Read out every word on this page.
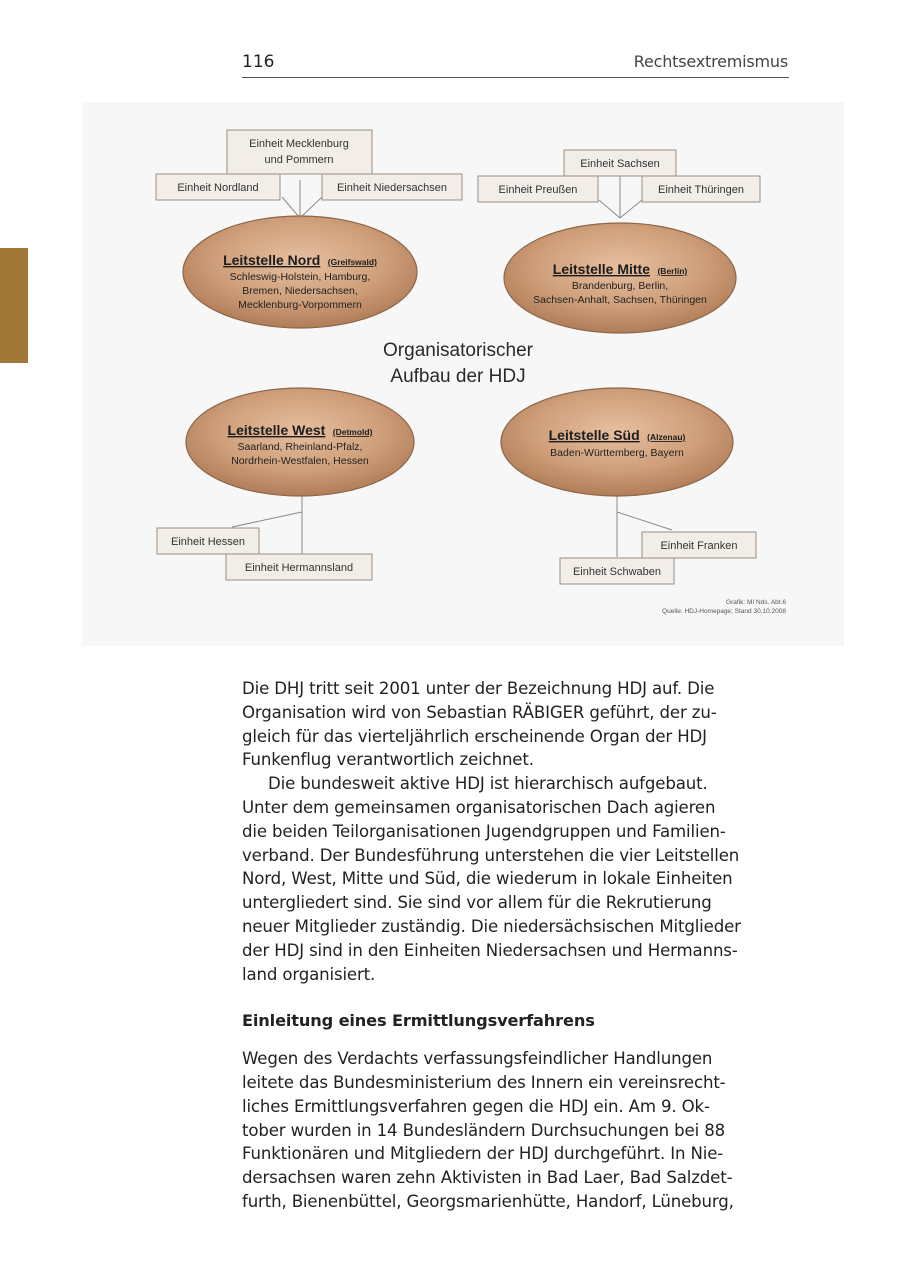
116	Rechtsextremismus
Einheit Mecklenburg
und Pommern
Einheit Nordland	Einheit Niedersachsen
Einheit Sachsen
Einheit Preußen	Einheit Thüringen
Leitstelle Nord (Greifswald)
Schleswig-Holstein, Hamburg,
Bremen, Niedersachsen,
Mecklenburg-Vorpommern
Leitstelle Mitte (Berlin)
Brandenburg, Berlin,
Sachsen-Anhalt, Sachsen, Thüringen
Organisatorischer
Aufbau der HDJ
Leitstelle West (Detmold)
Saarland, Rheinland-Pfalz,
Nordrhein-Westfalen, Hessen
Leitstelle Süd (Alzenau)
Baden-Württemberg, Bayern
Einheit Hessen
Einheit Hermannsland
Einheit Franken
Einheit Schwaben
Grafik: MI Nds. Abt.6
Quelle: HDJ-Homepage; Stand 30.10.2008

Die DHJ tritt seit 2001 unter der Bezeichnung HDJ auf. Die
Organisation wird von Sebastian RÄBIGER geführt, der zu-
gleich für das vierteljährlich erscheinende Organ der HDJ
Funkenflug verantwortlich zeichnet.

Die bundesweit aktive HDJ ist hierarchisch aufgebaut.
Unter dem gemeinsamen organisatorischen Dach agieren
die beiden Teilorganisationen Jugendgruppen und Familien-
verband. Der Bundesführung unterstehen die vier Leitstellen
Nord, West, Mitte und Süd, die wiederum in lokale Einheiten
untergliedert sind. Sie sind vor allem für die Rekrutierung
neuer Mitglieder zuständig. Die niedersächsischen Mitglieder
der HDJ sind in den Einheiten Niedersachsen und Hermanns-
land organisiert.

Einleitung eines Ermittlungsverfahrens

Wegen des Verdachts verfassungsfeindlicher Handlungen
leitete das Bundesministerium des Innern ein vereinsrecht-
liches Ermittlungsverfahren gegen die HDJ ein. Am 9. Ok-
tober wurden in 14 Bundesländern Durchsuchungen bei 88
Funktionären und Mitgliedern der HDJ durchgeführt. In Nie-
dersachsen waren zehn Aktivisten in Bad Laer, Bad Salzdet-
furth, Bienenbüttel, Georgsmarienhütte, Handorf, Lüneburg,
